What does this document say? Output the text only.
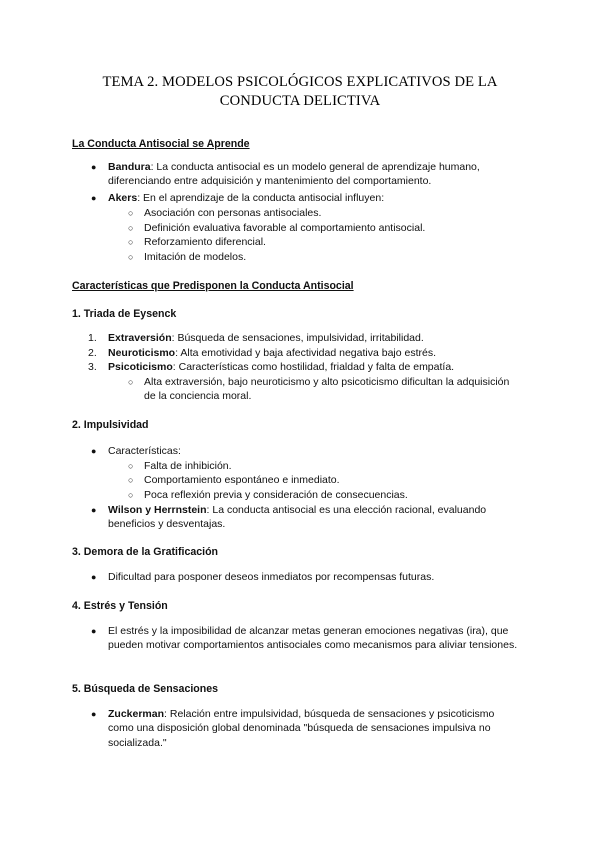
TEMA 2. MODELOS PSICOLÓGICOS EXPLICATIVOS DE LA
CONDUCTA DELICTIVA
La Conducta Antisocial se Aprende
● Bandura: La conducta antisocial es un modelo general de aprendizaje humano, diferenciando entre adquisición y mantenimiento del comportamiento.
● Akers: En el aprendizaje de la conducta antisocial influyen:
○ Asociación con personas antisociales.
○ Definición evaluativa favorable al comportamiento antisocial.
○ Reforzamiento diferencial.
○ Imitación de modelos.
Características que Predisponen la Conducta Antisocial
1. Triada de Eysenck
1. Extraversión: Búsqueda de sensaciones, impulsividad, irritabilidad.
2. Neuroticismo: Alta emotividad y baja afectividad negativa bajo estrés.
3. Psicoticismo: Características como hostilidad, frialdad y falta de empatía.
○ Alta extraversión, bajo neuroticismo y alto psicoticismo dificultan la adquisición de la conciencia moral.
2. Impulsividad
● Características:
○ Falta de inhibición.
○ Comportamiento espontáneo e inmediato.
○ Poca reflexión previa y consideración de consecuencias.
● Wilson y Herrnstein: La conducta antisocial es una elección racional, evaluando beneficios y desventajas.
3. Demora de la Gratificación
● Dificultad para posponer deseos inmediatos por recompensas futuras.
4. Estrés y Tensión
● El estrés y la imposibilidad de alcanzar metas generan emociones negativas (ira), que pueden motivar comportamientos antisociales como mecanismos para aliviar tensiones.
5. Búsqueda de Sensaciones
● Zuckerman: Relación entre impulsividad, búsqueda de sensaciones y psicoticismo como una disposición global denominada "búsqueda de sensaciones impulsiva no socializada."
